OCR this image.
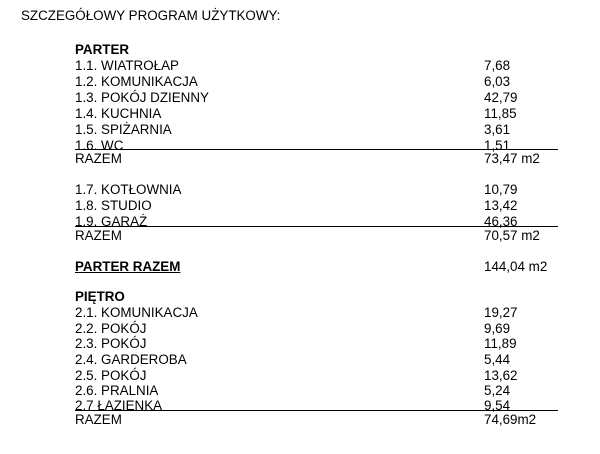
SZCZEGÓŁOWY PROGRAM UŻYTKOWY:
PARTER
1.1. WIATROŁAP	7,68
1.2. KOMUNIKACJA	6,03
1.3. POKÓJ DZIENNY	42,79
1.4. KUCHNIA	11,85
1.5. SPIŻARNIA	3,61
1.6. WC	1,51
RAZEM	73,47 m2
1.7. KOTŁOWNIA	10,79
1.8. STUDIO	13,42
1.9. GARAŻ	46,36
RAZEM	70,57 m2
PARTER RAZEM	144,04 m2
PIĘTRO
2.1. KOMUNIKACJA	19,27
2.2. POKÓJ	9,69
2.3. POKÓJ	11,89
2.4. GARDEROBA	5,44
2.5. POKÓJ	13,62
2.6. PRALNIA	5,24
2.7 ŁAZIENKA	9,54
RAZEM	74,69m2
